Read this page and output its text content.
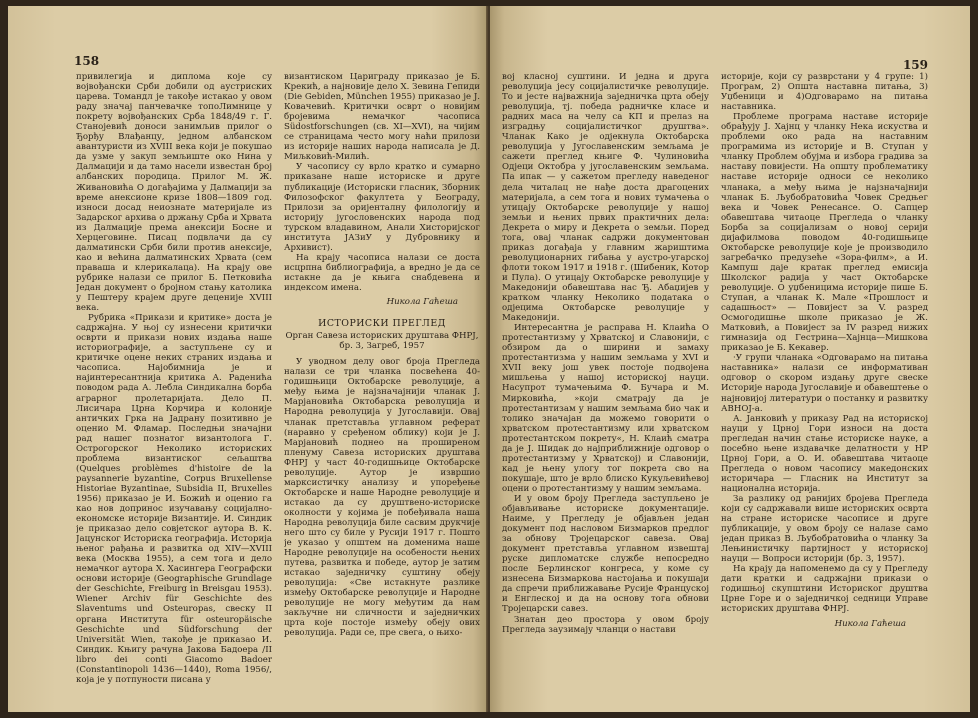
158

привилегија и диплома које су војвођански Срби добили од аустриских царева. Томандл је такође истакао у овом раду значај панчевачке топоЛимнице у покрету војвођанских Срба 1848/49 г. Г. Станојевић доноси занимљив прилог о Ђорђу Влађанцу, једном албанском авантуристи из XVIII века који је покушао да узме у закуп земљиште око Нина у Далмацији и да тамо насели известан број албанских породица. Прилог М. Ж. Живановића О догађајима у Далмацији за време анексионе кризе 1808—1809 год. износи досад неиознате материјале из Задарског архива о држању Срба и Хрвата из Далмације према анексији Босне и Херцеговине. Писац подвлачи да су далматински Срби били против анексије, као и већина далматинских Хрвата (сем праваша и клерикалаца). На крају ове рубрике налази се прилог Б. Петковића Један документ о бројном стању католика у Пештеру крајем друге деценије XVIII века.

Рубрика «Прикази и критике» доста је садржајна. У њој су изнесени критички осврти и прикази нових издања наше историографије, а заступљене су и критичке оцене неких страних издања и часописа. Најобимнија је и најинтересантнија критика А. Раденића поводом рада А. Лебла Синдикална борба аграрног пролетаријата. Дело П. Лисичара Црна Корчира и колоније античких Грка на Јадрану позитивно је оценио М. Фламар. Последњи значајни рад нашег познатог византолога Г. Острогорског Неколико историских проблема византиског сељаштва (Quelques problèmes d'histoire de la paysannerie byzantine, Corpus Bruxellense Historiae Byzantinae, Subsidia II, Bruxelles 1956) приказао је И. Божић и оценио га као нов допринос изучавању социјално-економске историје Византије. И. Синдик је приказао дело совјетског аутора В. К. Јацунског Историска географија. Историја њеног рађања и развитка од XIV—XVIII века (Москва 1955), а сем тога и дело немачког аутора Х. Хасингера Географски основи историје (Geographische Grundlage der Geschichte, Freiburg in Breisgau 1953). Wiener Archiv für Geschichte des Slaventums und Osteuropas, свеску II органа Института für osteuropäische Geschichte und Südforschung der Universität Wien, такође је приказао И. Синдик. Књигу рачуна Јакова Бадоера /II libro dei conti Giacomo Badoer (Constantinopoli 1436—1440), Roma 1956/, која је у потпуности писана у

византиском Цариграду приказао је Б. Крекић, а најновије дело Х. Зевина Гепиди (Die Gebiden, München 1955) приказао је Ј. Ковачевић. Критички осврт о новијим бројевима немачког часописа Südostforschungen (св. XI—XVI), на чијим се страницама често могу наћи прилози из историје наших народа написала је Д. Миљковић-Милић.

У часопису су врло кратко и сумарно приказане наше историске и друге публикације (Историски гласник, Зборник Филозофског факултета у Београду, Прилози за оријенталну филологију и историју југословенских народа под турском владавином, Анали Хисторијског института ЈАЗиУ у Дубровнику и Архивист).

На крају часописа налази се доста исцрпна библиографија, а вредно је да се истакне да је књига снабдевена и индексом имена.

Никола Гаћеша

ИСТОРИСКИ ПРЕГЛЕД

Орган Савеза историских друштава ФНРЈ, бр. 3, Загреб, 1957

У уводном делу овог броја Прегледа налази се три чланка посвећена 40-годишњици Октобарске револуције, а међу њима је најзначајнији чланак Ј. Марјановића Октобарска револуција и Народна револуција у Југославији. Овај чланак претставља углавном реферат (наравно у сређеном облику) који је Ј. Марјановић поднео на проширеном пленуму Савеза историских друштава ФНРЈ у част 40-годишњице Октобарске револуције. Аутор је извршио марксистичку анализу и упоређење Октобарске и наше Народне револуције и истакао да су друштвено-историске околности у којима је побеђивала наша Народна револуција биле сасвим друкчије него што су биле у Русији 1917 г. Поштo je указао у општем на доменима наше Народне револуције на особености њених путева, развитка и победе, аутор је затим истакао заједничку суштину обеју револуција: «Све истакнуте разлике између Октобарске револуције и Народне револуције не могу међутим да нам закључне ни сличности и заједничких црта које постоје између обеју ових револуција. Ради се, пре свега, о њихо-

159

вој класној суштини. И једна и друга револуција јесу социјалистичке револуције. То и јесте најважнија заједничка црта обеју револуција, тј. победа радничке класе и радних маса на челу са КП и прелаз на изградњу социјалистичког друштва». Чланак Како је одјекнула Октобарска револуција у Југославенским земљама је сажети преглед књиге Ф. Чулиновића Одјеци Октобра у југославенским земљама. Па ипак — у сажетом прегледу наведеног дела читалац не нађе доста драгоцених материјала, а сем тога и нових тумачења о утицају Октобарске револуције у нашој земљи и њених првих практичних дела: Декрета о миру и Декрета о земљи. Поред тога, овај чланак садржи документован приказ догађаја у главним жариштима револуционарних гибања у аустро-угарској флоти током 1917 и 1918 г. (Шибеник, Котор и Пула). О утицају Октобарске револуције у Македонији обавештава нас Ђ. Абаџијев у кратком чланку Неколико података о одјецима Октобарске револуције у Македонији.

Интересантна је расправа Н. Клаића О протестантизму у Хрватској и Славонији, с обзиром да о ширини и замаху протестантизма у нашим земљама у XVI и XVII веку још увек постоје подвојена мишљења у нашој историској науци. Насупрот тумачењима Ф. Бучара и М. Мирковића, »који сматрају да је протестантизам у нашим земљама био чак и толико значајан да можемо говорити о хрватском протестантизму или хрватском протестантском покрету«, Н. Клаић сматра да је Ј. Шидак до најприближније одговор о протестантизму у Хрватској) и Славонији, кад је њену улогу тог покрета сво на покушаје, што је врло блиско Кукуљевићевој оцени о протестантизму у нашим земљама.

И у овом броју Прегледа заступљено је објављивање историске документације. Наиме, у Прегледу је објављен један документ под насловом Бизмарков предлог за обнову Тројецарског савеза. Овај документ претставља углавном извештај руске дипломатске службе непосредно после Берлинског конгреса, у коме су изнесена Бизмаркова настојања и покушаји да спречи приближавање Русије Француској и Енглеској и да на основу тога обнови Тројецарски савез.

Знатан део простора у овом броју Прегледа заузимају чланци о настави

историје, који су разврстани у 4 групе: 1) Програм, 2) Општа наставна питања, 3) Уџбеници и 4)Одговарамо на питања наставника.

Проблеме програма наставе историје обрађују Ј. Хајнц у чланку Нека искуства и проблеми око рада на наставним програмима из историје и В. Ступан у чланку Проблем обујма и избора градива за наставу повијести. На општу проблематику наставе историје односи се неколико чланака, а међу њима је најзначајнији чланак Б. Љубобратовића Човек Средњег века и Човек Ренесансе. О. Сапцер обавештава читаоце Прегледа о чланку Борба за социјализам о новој серији дијафилмова поводом 40-годишњице Октобарске револуције које је производило загребачко предузеће «Зора-филм», а И. Кампуш даје кратак преглед емисија Школског радија у част Октобарске револуције. О уџбеницима историје пише Б. Ступан, а чланак К. Мале «Прошлост и садашњост» — Повијест за V. разред Осмогодишње школе приказао је Ж. Матковић, а Повијест за IV разред нижих гимназија од Гестрина—Хајнца—Мишкова приказао је Б. Кекавер.

·У групи чланака «Одговарамо на питања наставника» налази се информативан одговор о скором издању друге свеске Историје народа Југославије и обавештење о најновијој литератури о постанку и развитку АВНОЈ-а.

А. Јанковић у приказу Рад на историској науци у Црној Гори износи на доста прегледан начин стање историске науке, а посебно њене издавачке делатности у НР Црној Гори, а О. И. обавештава читаоце Прегледа о новом часопису македонских историчара — Гласник на Институт за национална историја.

За разлику од ранијих бројева Прегледа који су садржавали више историских осврта на стране историске часописе и друге публикације, у овом броју се налазе само један приказ В. Љубобратовића о чланку За Лењинистичку партијност у историској науци — Вопроси историји (бр. 3, 1957).

На крају да напоменемо да су у Прегледу дати кратки и садржајни прикази о годишњој скупштини Историског друштва Црне Горе и о заједничкој седници Управе историских друштава ФНРЈ.

Никола Гаћеша
